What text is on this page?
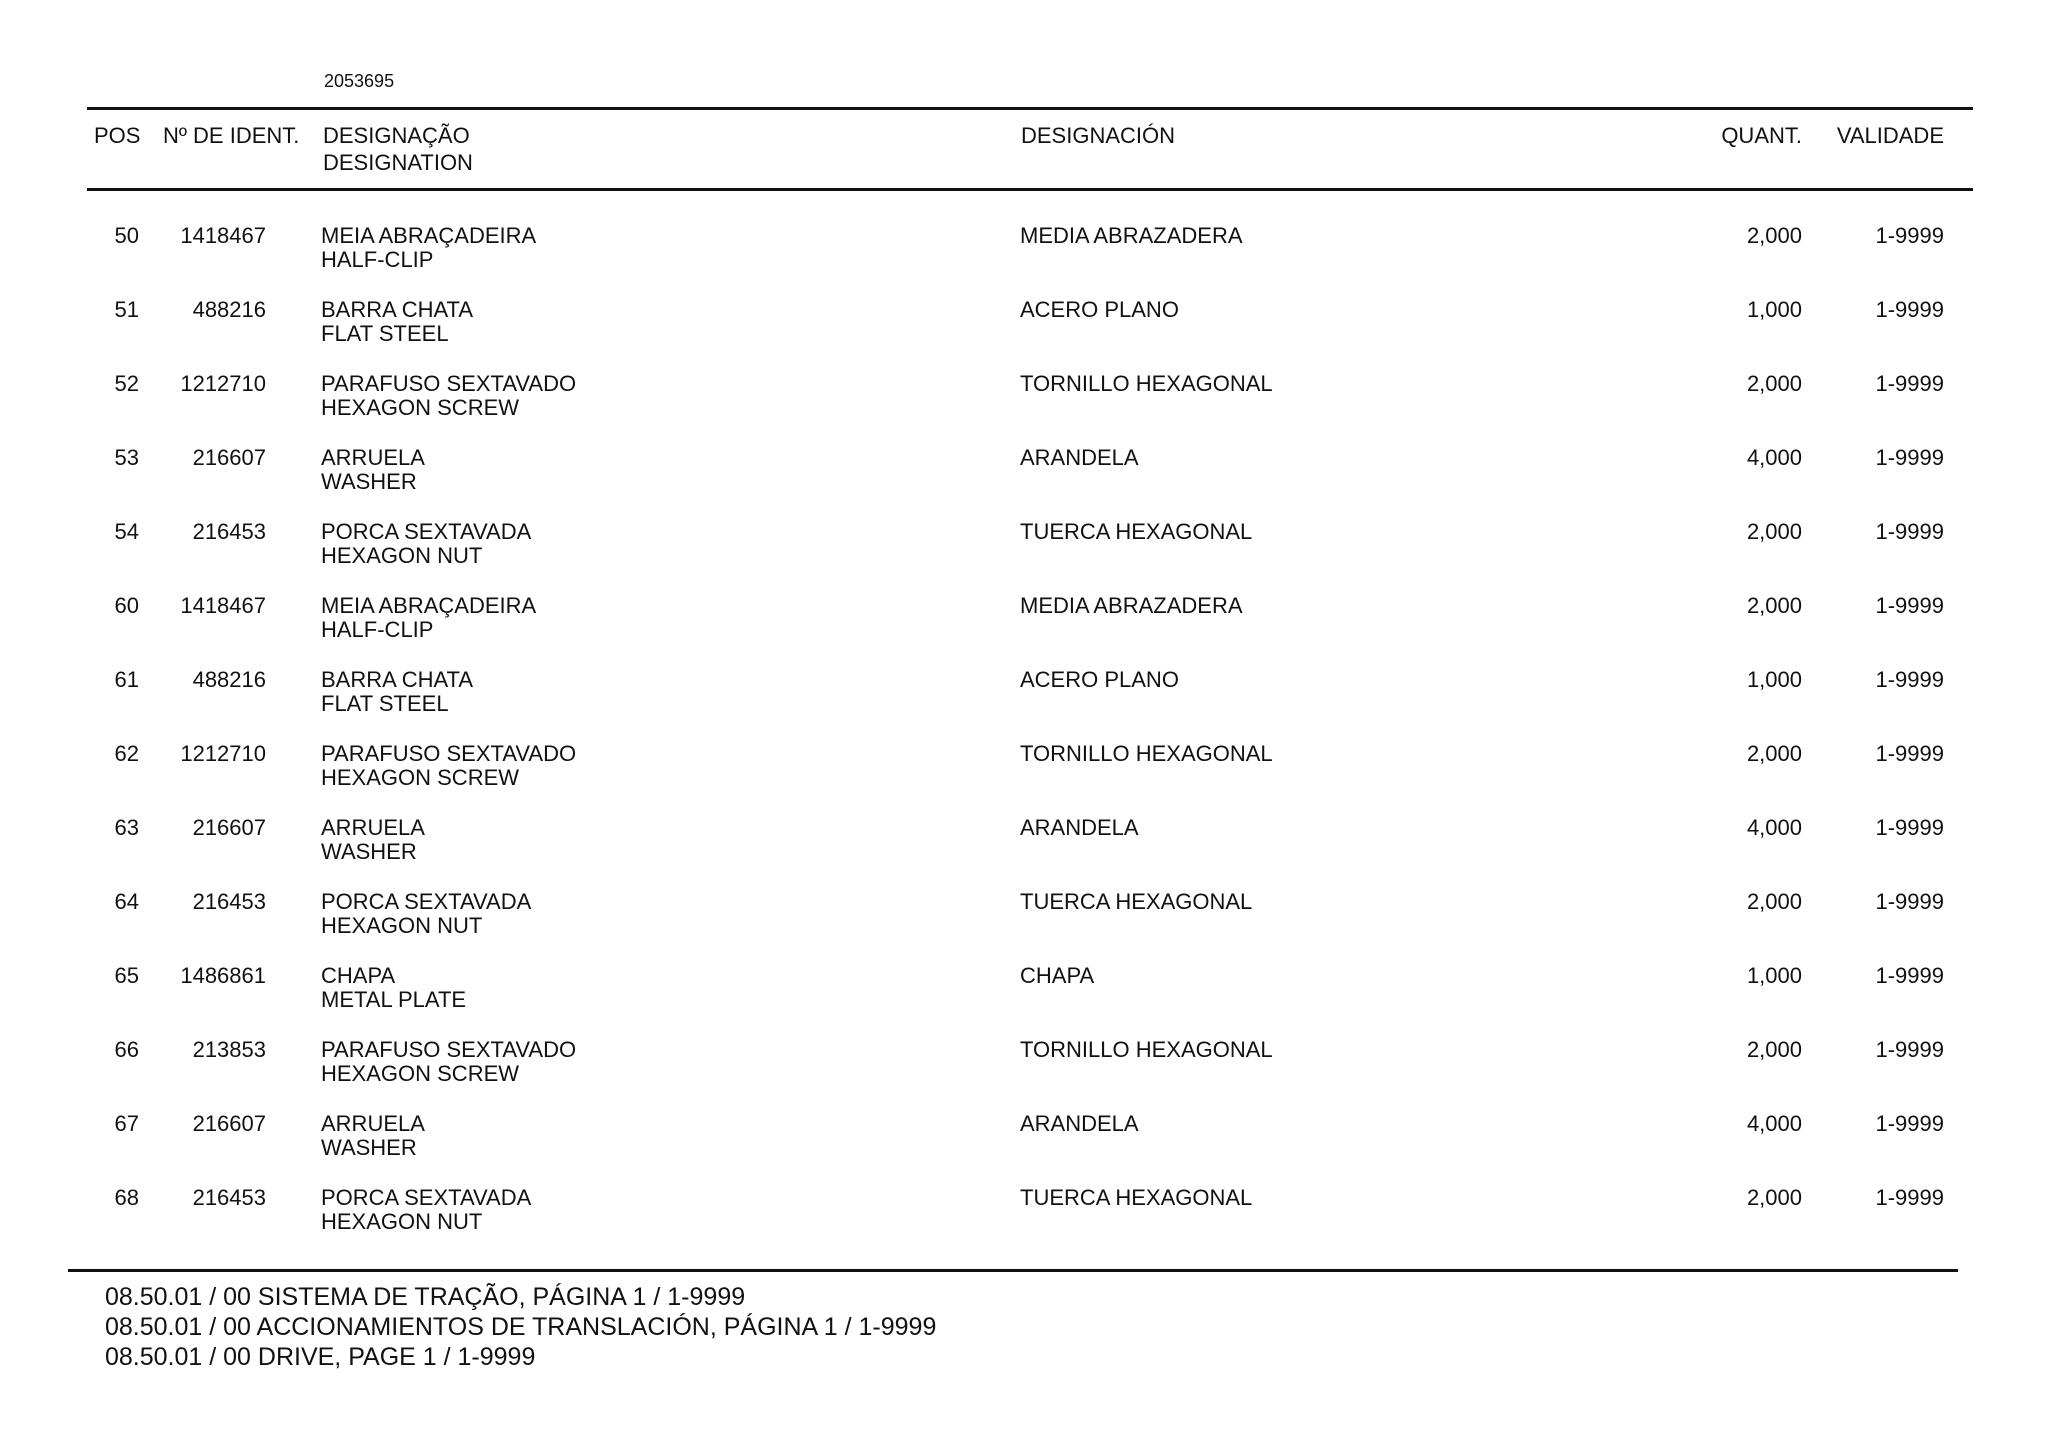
2053695
POS Nº DE IDENT. DESIGNAÇÃO
DESIGNATION
DESIGNACIÓN	QUANT.	VALIDADE
50	1418467	MEIA ABRAÇADEIRA
HALF-CLIP
MEDIA ABRAZADERA	2,000	1-9999
51	488216	BARRA CHATA
FLAT STEEL
ACERO PLANO	1,000	1-9999
52	1212710	PARAFUSO SEXTAVADO
HEXAGON SCREW
TORNILLO HEXAGONAL	2,000	1-9999
53	216607	ARRUELA
WASHER
ARANDELA	4,000	1-9999
54	216453	PORCA SEXTAVADA
HEXAGON NUT
TUERCA HEXAGONAL	2,000	1-9999
60	1418467	MEIA ABRAÇADEIRA
HALF-CLIP
MEDIA ABRAZADERA	2,000	1-9999
61	488216	BARRA CHATA
FLAT STEEL
ACERO PLANO	1,000	1-9999
62	1212710	PARAFUSO SEXTAVADO
HEXAGON SCREW
TORNILLO HEXAGONAL	2,000	1-9999
63	216607	ARRUELA
WASHER
ARANDELA	4,000	1-9999
64	216453	PORCA SEXTAVADA
HEXAGON NUT
TUERCA HEXAGONAL	2,000	1-9999
65	1486861	CHAPA
METAL PLATE
CHAPA	1,000	1-9999
66	213853	PARAFUSO SEXTAVADO
HEXAGON SCREW
TORNILLO HEXAGONAL	2,000	1-9999
67	216607	ARRUELA
WASHER
ARANDELA	4,000	1-9999
68	216453	PORCA SEXTAVADA
HEXAGON NUT
TUERCA HEXAGONAL	2,000	1-9999
08.50.01 / 00 SISTEMA DE TRAÇÃO, PÁGINA 1 / 1-9999
08.50.01 / 00 ACCIONAMIENTOS DE TRANSLACIÓN, PÁGINA 1 / 1-9999
08.50.01 / 00 DRIVE, PAGE 1 / 1-9999
